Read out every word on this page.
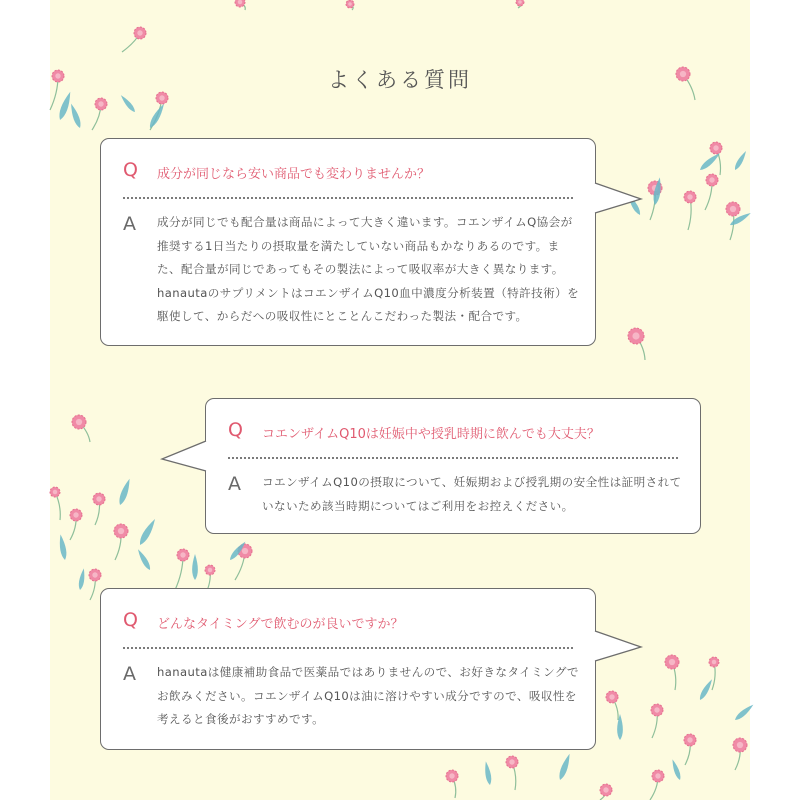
よくある質問
Q 成分が同じなら安い商品でも変わりませんか？
A 成分が同じでも配合量は商品によって大きく違います。コエンザイムQ協会が推奨する1日当たりの摂取量を満たしていない商品もかなりあるのです。また、配合量が同じであってもその製法によって吸収率が大きく異なります。hanautaのサプリメントはコエンザイムQ10血中濃度分析装置（特許技術）を駆使して、からだへの吸収性にとことんこだわった製法・配合です。
Q コエンザイムQ10は妊娠中や授乳時期に飲んでも大丈夫？
A コエンザイムQ10の摂取について、妊娠期および授乳期の安全性は証明されていないため該当時期についてはご利用をお控えください。
Q どんなタイミングで飲むのが良いですか？
A hanautaは健康補助食品で医薬品ではありませんので、お好きなタイミングでお飲みください。コエンザイムQ10は油に溶けやすい成分ですので、吸収性を考えると食後がおすすめです。
